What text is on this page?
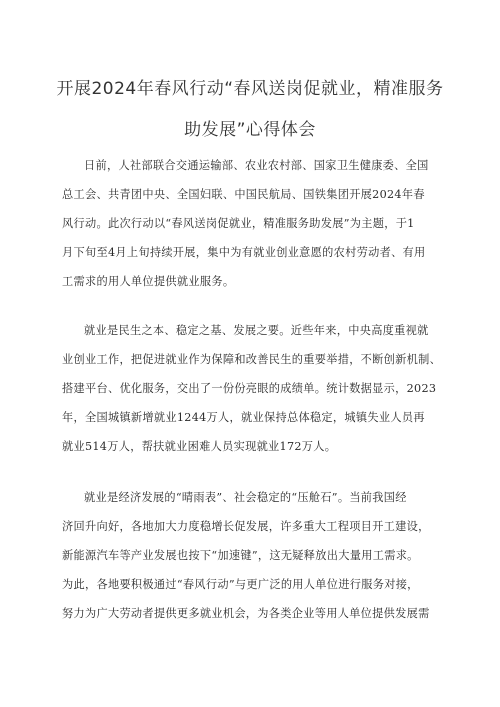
开展2024年春风行动“春风送岗促就业，精准服务
助发展”心得体会
日前，人社部联合交通运输部、农业农村部、国家卫生健康委、全国
总工会、共青团中央、全国妇联、中国民航局、国铁集团开展2024年春
风行动。此次行动以“春风送岗促就业，精准服务助发展”为主题，于1
月下旬至4月上旬持续开展，集中为有就业创业意愿的农村劳动者、有用
工需求的用人单位提供就业服务。
就业是民生之本、稳定之基、发展之要。近些年来，中央高度重视就
业创业工作，把促进就业作为保障和改善民生的重要举措，不断创新机制、
搭建平台、优化服务，交出了一份份亮眼的成绩单。统计数据显示，2023
年，全国城镇新增就业1244万人，就业保持总体稳定，城镇失业人员再
就业514万人，帮扶就业困难人员实现就业172万人。
就业是经济发展的“晴雨表”、社会稳定的“压舱石”。当前我国经
济回升向好，各地加大力度稳增长促发展，许多重大工程项目开工建设，
新能源汽车等产业发展也按下“加速键”，这无疑释放出大量用工需求。
为此，各地要积极通过“春风行动”与更广泛的用人单位进行服务对接，
努力为广大劳动者提供更多就业机会，为各类企业等用人单位提供发展需
